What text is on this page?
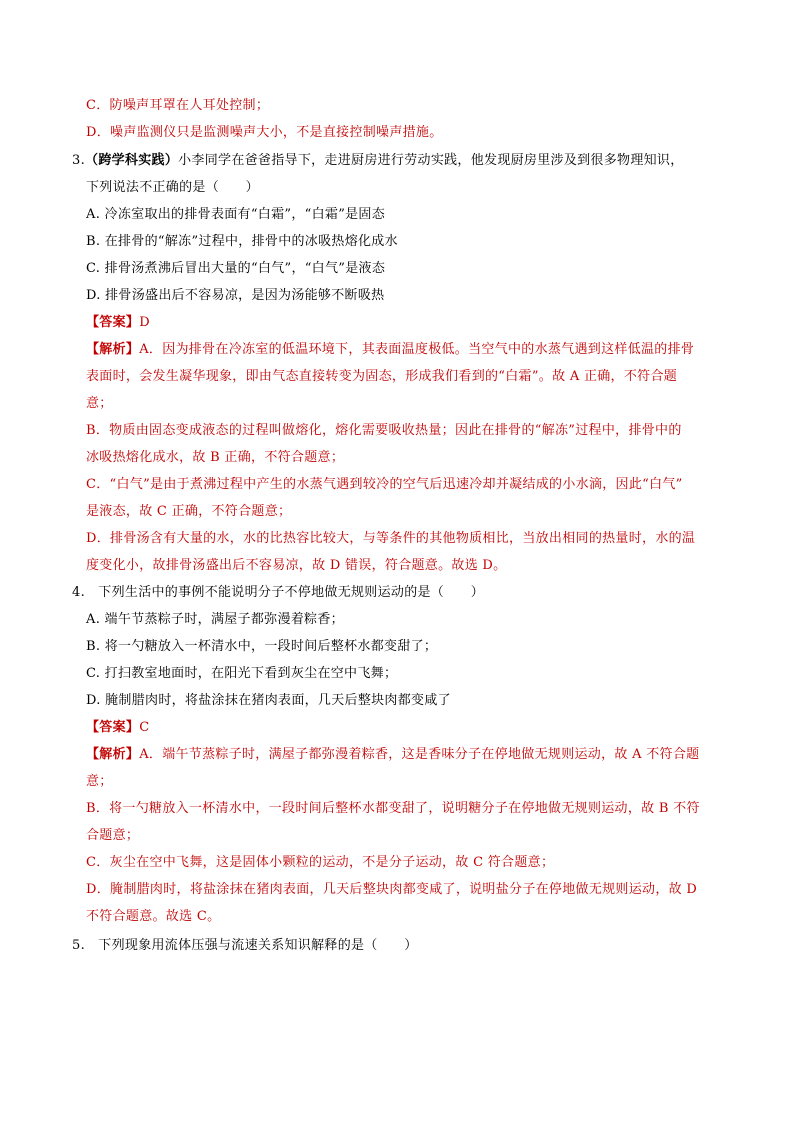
C．防噪声耳罩在人耳处控制；
D．噪声监测仪只是监测噪声大小，不是直接控制噪声措施。
3.（跨学科实践）小李同学在爸爸指导下，走进厨房进行劳动实践，他发现厨房里涉及到很多物理知识，
下列说法不正确的是（　　）
A. 冷冻室取出的排骨表面有“白霜”，“白霜”是固态
B. 在排骨的“解冻”过程中，排骨中的冰吸热熔化成水
C. 排骨汤煮沸后冒出大量的“白气”，“白气”是液态
D. 排骨汤盛出后不容易凉，是因为汤能够不断吸热
【答案】D
【解析】A．因为排骨在冷冻室的低温环境下，其表面温度极低。当空气中的水蒸气遇到这样低温的排骨
表面时，会发生凝华现象，即由气态直接转变为固态，形成我们看到的“白霜”。故 A 正确，不符合题
意；
B．物质由固态变成液态的过程叫做熔化，熔化需要吸收热量；因此在排骨的“解冻”过程中，排骨中的
冰吸热熔化成水，故 B 正确，不符合题意；
C．“白气”是由于煮沸过程中产生的水蒸气遇到较冷的空气后迅速冷却并凝结成的小水滴，因此“白气”
是液态，故 C 正确，不符合题意；
D．排骨汤含有大量的水，水的比热容比较大，与等条件的其他物质相比，当放出相同的热量时，水的温
度变化小，故排骨汤盛出后不容易凉，故 D 错误，符合题意。故选 D。
4.　下列生活中的事例不能说明分子不停地做无规则运动的是（　　）
A. 端午节蒸粽子时，满屋子都弥漫着粽香；
B. 将一勺糖放入一杯清水中，一段时间后整杯水都变甜了；
C. 打扫教室地面时，在阳光下看到灰尘在空中飞舞；
D. 腌制腊肉时，将盐涂抹在猪肉表面，几天后整块肉都变咸了
【答案】C
【解析】A．端午节蒸粽子时，满屋子都弥漫着粽香，这是香味分子在停地做无规则运动，故 A 不符合题
意；
B．将一勺糖放入一杯清水中，一段时间后整杯水都变甜了，说明糖分子在停地做无规则运动，故 B 不符
合题意；
C．灰尘在空中飞舞，这是固体小颗粒的运动，不是分子运动，故 C 符合题意；
D．腌制腊肉时，将盐涂抹在猪肉表面，几天后整块肉都变咸了，说明盐分子在停地做无规则运动，故 D
不符合题意。故选 C。
5.　下列现象用流体压强与流速关系知识解释的是（　　）
